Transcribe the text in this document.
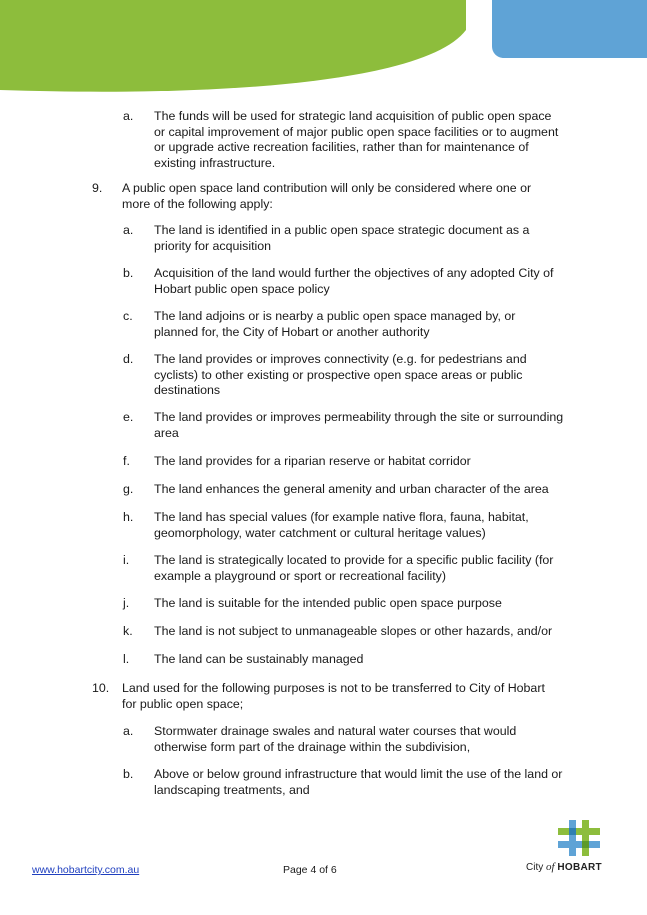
a. The funds will be used for strategic land acquisition of public open space
or capital improvement of major public open space facilities or to augment
or upgrade active recreation facilities, rather than for maintenance of
existing infrastructure.
9. A public open space land contribution will only be considered where one or
more of the following apply:
a. The land is identified in a public open space strategic document as a
priority for acquisition
b. Acquisition of the land would further the objectives of any adopted City of
Hobart public open space policy
c. The land adjoins or is nearby a public open space managed by, or
planned for, the City of Hobart or another authority
d. The land provides or improves connectivity (e.g. for pedestrians and
cyclists) to other existing or prospective open space areas or public
destinations
e. The land provides or improves permeability through the site or surrounding
area
f. The land provides for a riparian reserve or habitat corridor
g. The land enhances the general amenity and urban character of the area
h. The land has special values (for example native flora, fauna, habitat,
geomorphology, water catchment or cultural heritage values)
i. The land is strategically located to provide for a specific public facility (for
example a playground or sport or recreational facility)
j. The land is suitable for the intended public open space purpose
k. The land is not subject to unmanageable slopes or other hazards, and/or
l. The land can be sustainably managed
10. Land used for the following purposes is not to be transferred to City of Hobart
for public open space;
a. Stormwater drainage swales and natural water courses that would
otherwise form part of the drainage within the subdivision,
b. Above or below ground infrastructure that would limit the use of the land or
landscaping treatments, and
www.hobartcity.com.au	Page 4 of 6	City of HOBART
